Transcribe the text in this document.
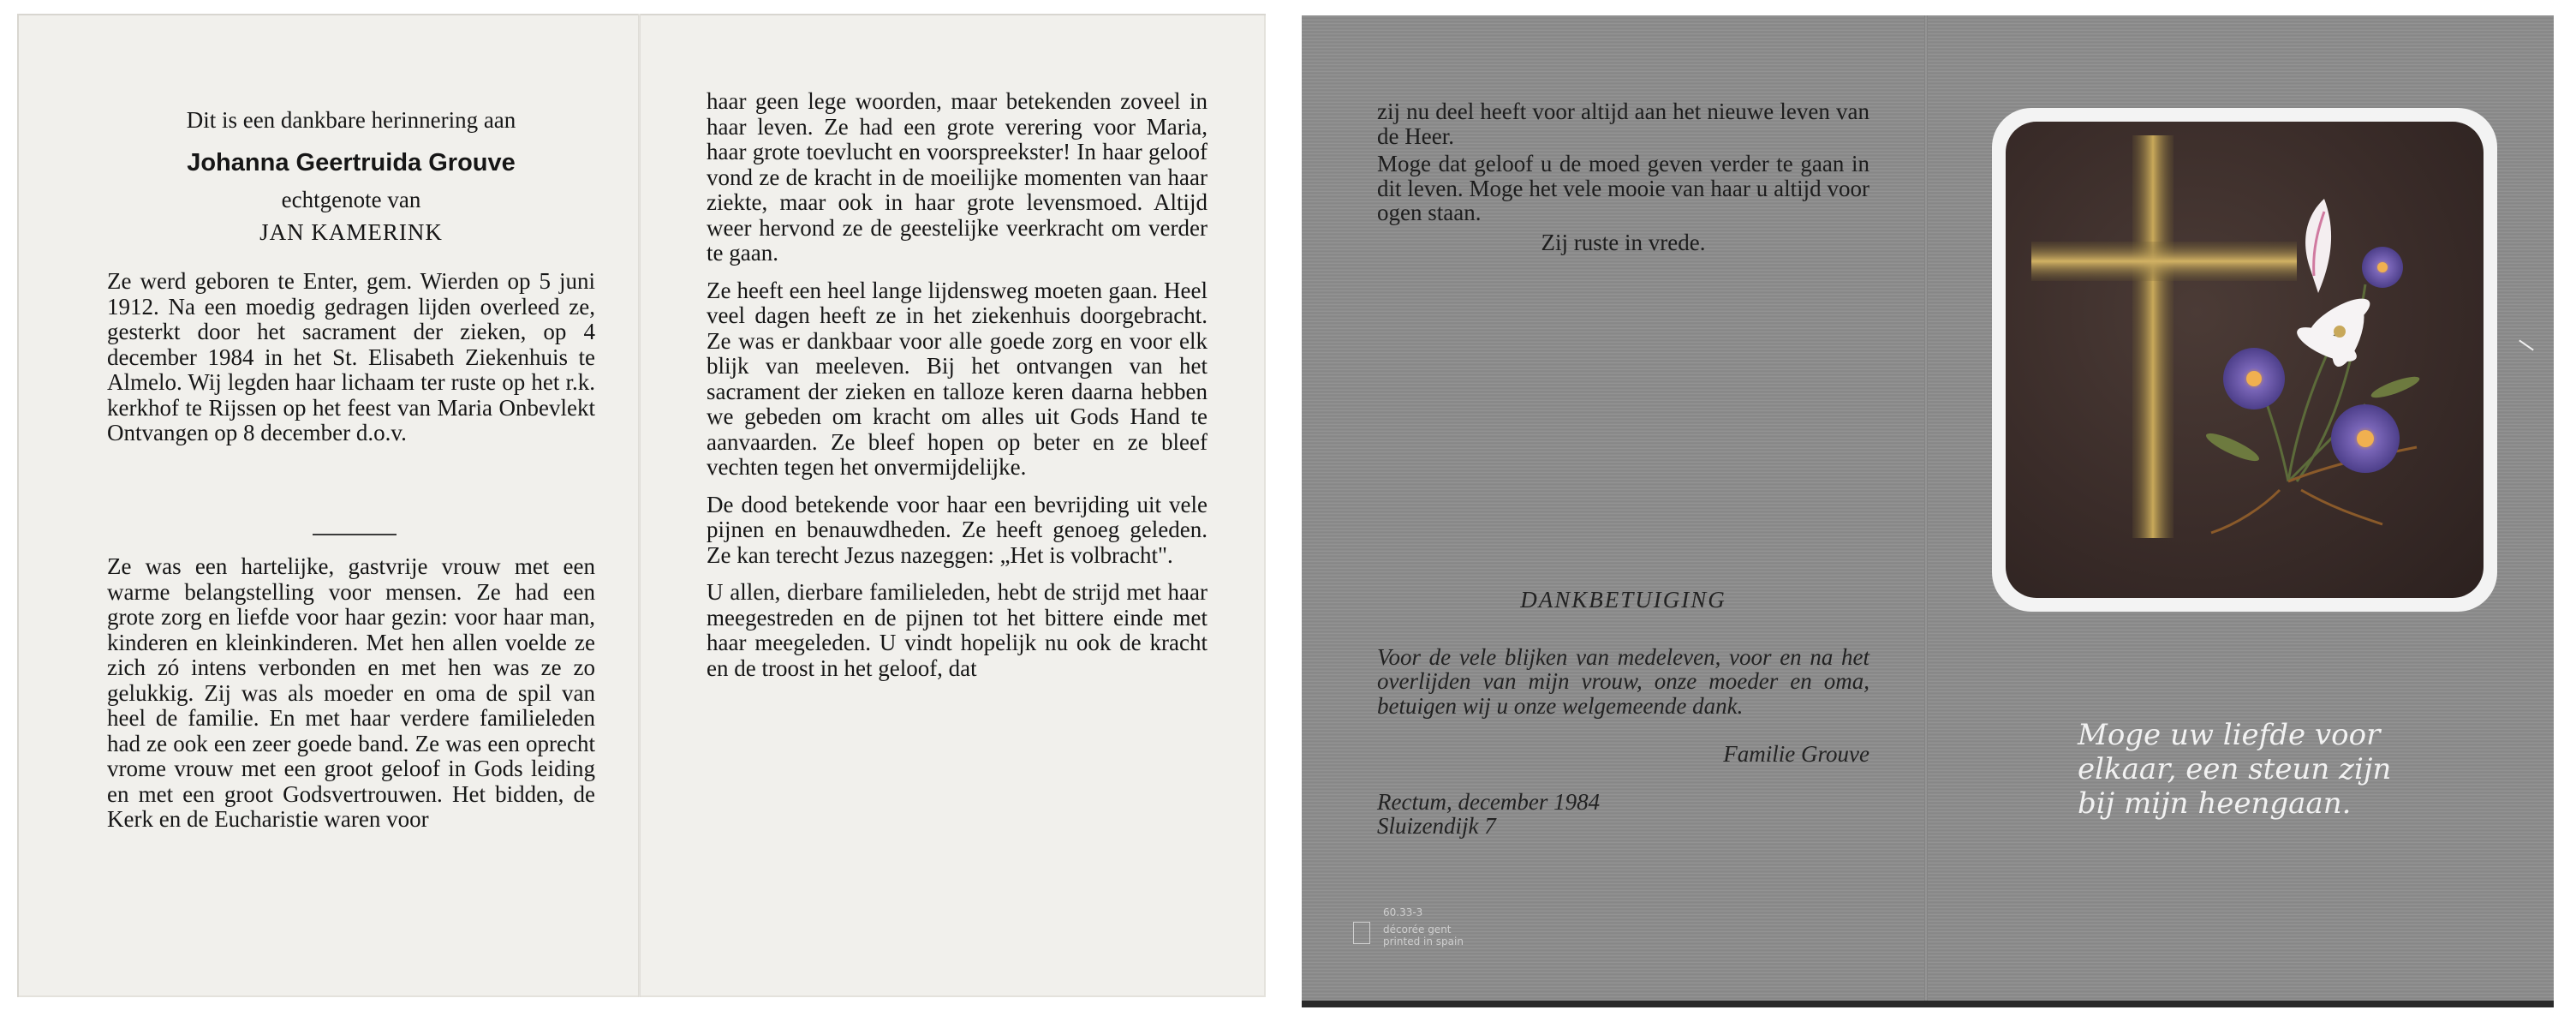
Dit is een dankbare herinnering aan

Johanna Geertruida Grouve

echtgenote van

JAN KAMERINK

Ze werd geboren te Enter, gem. Wierden op 5 juni 1912. Na een moedig gedragen lijden overleed ze, gesterkt door het sacrament der zieken, op 4 december 1984 in het St. Elisabeth Ziekenhuis te Almelo. Wij legden haar lichaam ter ruste op het r.k. kerkhof te Rijssen op het feest van Maria Onbevlekt Ontvangen op 8 december d.o.v.

Ze was een hartelijke, gastvrije vrouw met een warme belangstelling voor mensen. Ze had een grote zorg en liefde voor haar gezin: voor haar man, kinderen en kleinkinderen. Met hen allen voelde ze zich zó intens verbonden en met hen was ze zo gelukkig. Zij was als moeder en oma de spil van heel de familie. En met haar verdere familieleden had ze ook een zeer goede band. Ze was een oprecht vrome vrouw met een groot geloof in Gods leiding en met een groot Godsvertrouwen. Het bidden, de Kerk en de Eucharistie waren voor

haar geen lege woorden, maar betekenden zoveel in haar leven. Ze had een grote verering voor Maria, haar grote toevlucht en voorspreekster! In haar geloof vond ze de kracht in de moeilijke momenten van haar ziekte, maar ook in haar grote levensmoed. Altijd weer hervond ze de geestelijke veerkracht om verder te gaan.

Ze heeft een heel lange lijdensweg moeten gaan. Heel veel dagen heeft ze in het ziekenhuis doorgebracht. Ze was er dankbaar voor alle goede zorg en voor elk blijk van meeleven. Bij het ontvangen van het sacrament der zieken en talloze keren daarna hebben we gebeden om kracht om alles uit Gods Hand te aanvaarden. Ze bleef hopen op beter en ze bleef vechten tegen het onvermijdelijke.

De dood betekende voor haar een bevrijding uit vele pijnen en benauwdheden. Ze heeft genoeg geleden. Ze kan terecht Jezus nazeggen: „Het is volbracht".

U allen, dierbare familieleden, hebt de strijd met haar meegestreden en de pijnen tot het bittere einde met haar meegeleden. U vindt hopelijk nu ook de kracht en de troost in het geloof, dat

zij nu deel heeft voor altijd aan het nieuwe leven van de Heer.

Moge dat geloof u de moed geven verder te gaan in dit leven. Moge het vele mooie van haar u altijd voor ogen staan.

Zij ruste in vrede.

DANKBETUIGING

Voor de vele blijken van medeleven, voor en na het overlijden van mijn vrouw, onze moeder en oma, betuigen wij u onze welgemeende dank.

Familie Grouve

Rectum, december 1984

Sluizendijk 7

60.33-3
décorée gent
printed in spain
Moge uw liefde voor
elkaar, een steun zijn
bij mijn heengaan.
